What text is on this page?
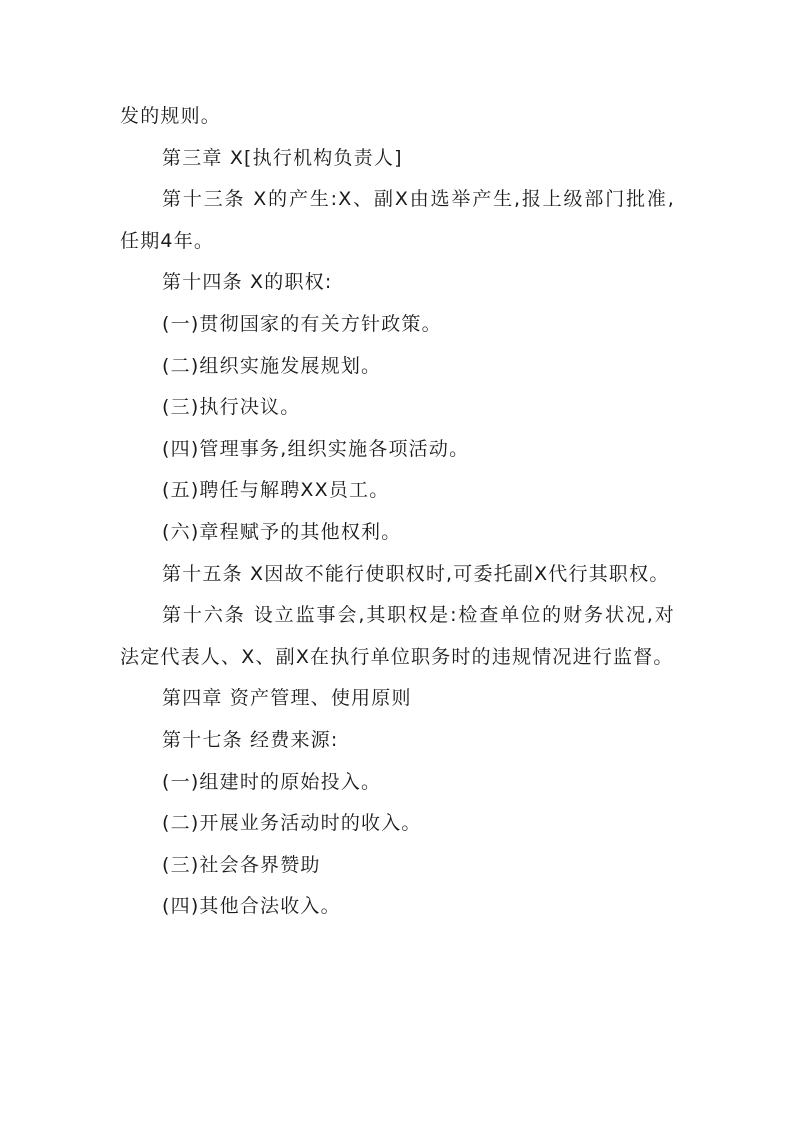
发的规则。

第三章 X[执行机构负责人]

第十三条 X的产生:X、副X由选举产生,报上级部门批准,任期4年。

第十四条 X的职权:

(一)贯彻国家的有关方针政策。

(二)组织实施发展规划。

(三)执行决议。

(四)管理事务,组织实施各项活动。

(五)聘任与解聘XX员工。

(六)章程赋予的其他权利。

第十五条 X因故不能行使职权时,可委托副X代行其职权。

第十六条 设立监事会,其职权是:检查单位的财务状况,对法定代表人、X、副X在执行单位职务时的违规情况进行监督。

第四章 资产管理、使用原则

第十七条 经费来源:

(一)组建时的原始投入。

(二)开展业务活动时的收入。

(三)社会各界赞助

(四)其他合法收入。
